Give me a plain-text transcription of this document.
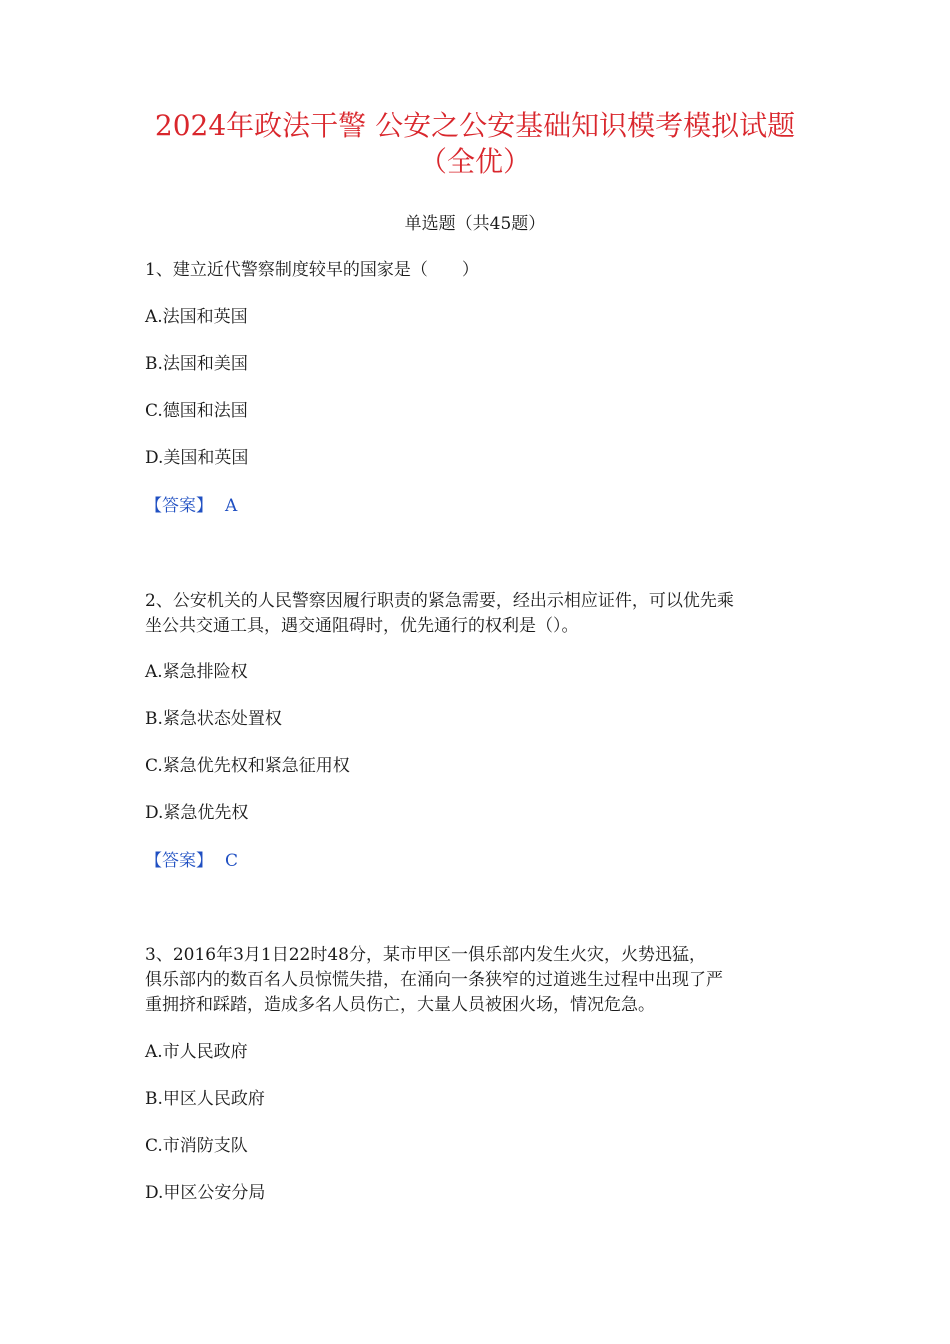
2024年政法干警 公安之公安基础知识模考模拟试题
（全优）
单选题（共45题）
1、建立近代警察制度较早的国家是（　　）
A.法国和英国
B.法国和美国
C.德国和法国
D.美国和英国
【答案】 A
2、公安机关的人民警察因履行职责的紧急需要，经出示相应证件，可以优先乘
坐公共交通工具，遇交通阻碍时，优先通行的权利是（）。
A.紧急排险权
B.紧急状态处置权
C.紧急优先权和紧急征用权
D.紧急优先权
【答案】 C
3、2016年3月1日22时48分，某市甲区一俱乐部内发生火灾，火势迅猛，
俱乐部内的数百名人员惊慌失措，在涌向一条狭窄的过道逃生过程中出现了严
重拥挤和踩踏，造成多名人员伤亡，大量人员被困火场，情况危急。
A.市人民政府
B.甲区人民政府
C.市消防支队
D.甲区公安分局
